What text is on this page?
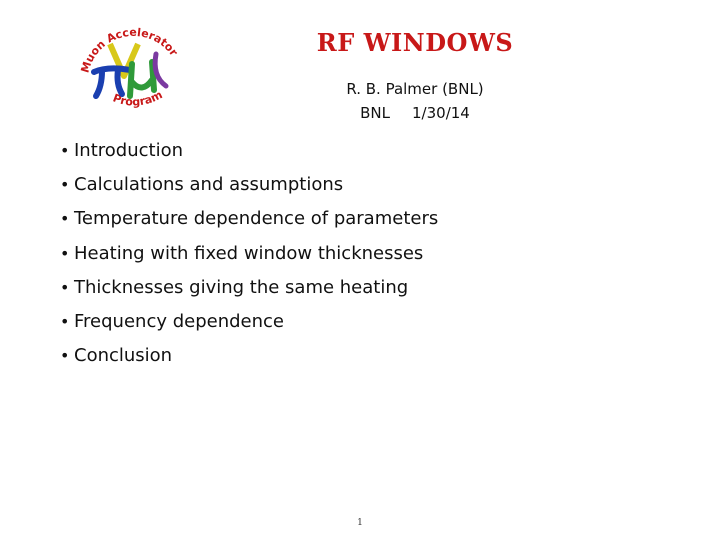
Muon Accelerator
Program
RF WINDOWS
R. B. Palmer (BNL)
BNL 1/30/14
• Introduction
• Calculations and assumptions
• Temperature dependence of parameters
• Heating with fixed window thicknesses
• Thicknesses giving the same heating
• Frequency dependence
• Conclusion
1
